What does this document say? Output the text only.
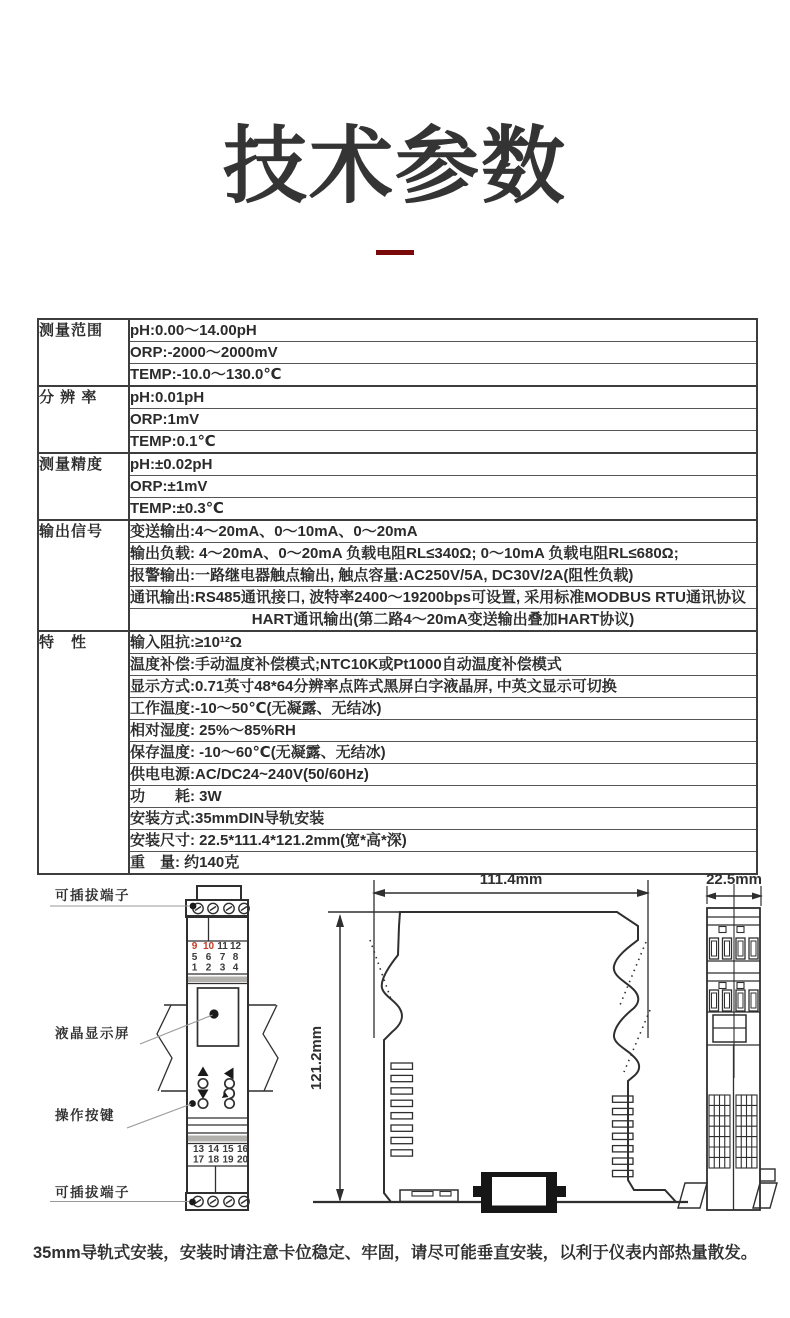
技术参数
测量范围	pH:0.00～14.00pH
	ORP:-2000～2000mV
	TEMP:-10.0～130.0℃
分 辨 率	pH:0.01pH
	ORP:1mV
	TEMP:0.1℃
测量精度	pH:±0.02pH
	ORP:±1mV
	TEMP:±0.3℃
输出信号	变送输出:4～20mA、0～10mA、0～20mA
	输出负载: 4～20mA、0～20mA 负载电阻RL≤340Ω; 0～10mA 负载电阻RL≤680Ω;
	报警输出:一路继电器触点输出, 触点容量:AC250V/5A, DC30V/2A(阻性负载)
	通讯输出:RS485通讯接口, 波特率2400～19200bps可设置, 采用标准MODBUS RTU通讯协议
	HART通讯输出(第二路4～20mA变送输出叠加HART协议)
特　性	输入阻抗:≥10¹²Ω
	温度补偿:手动温度补偿模式;NTC10K或Pt1000自动温度补偿模式
	显示方式:0.71英寸48*64分辨率点阵式黑屏白字液晶屏, 中英文显示可切换
	工作温度:-10～50℃(无凝露、无结冰)
	相对湿度: 25%～85%RH
	保存温度: -10～60℃(无凝露、无结冰)
	供电电源:AC/DC24~240V(50/60Hz)
	功　　耗: 3W
	安装方式:35mmDIN导轨安装
	安装尺寸: 22.5*111.4*121.2mm(宽*高*深)
	重　量: 约140克
9 10 11 12
5 6 7 8
1 2 3 4
13 14 15 16
17 18 19 20
可插拔端子
液晶显示屏
操作按键
可插拔端子
111.4mm
121.2mm
22.5mm
35mm导轨式安装，安装时请注意卡位稳定、牢固，请尽可能垂直安装，以利于仪表内部热量散发。
